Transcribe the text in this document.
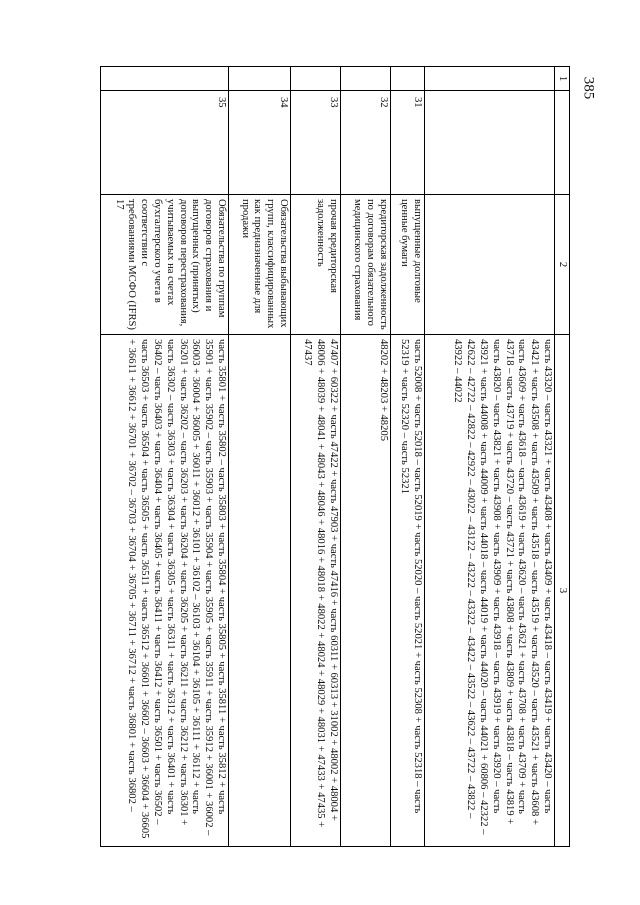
385
1		2	3
			часть 43320 – часть 43321 + часть 43408 + часть 43409 + часть 43418 – часть 43419 + часть 43420 – часть 43421 + часть 43508 + часть 43509 + часть 43518 – часть 43519 + часть 43520 – часть 43521 + часть 43608 + часть 43609 + часть 43618 – часть 43619 + часть 43620 – часть 43621 + часть 43708 + часть 43709 + часть 43718 – часть 43719 + часть 43720 – часть 43721 + часть 43808 + часть 43809 + часть 43818 – часть 43819 + часть 43820 – часть 43821 + часть 43908 + часть 43909 + часть 43918 – часть 43919 + часть 43920 – часть 43921 + часть 44008 + часть 44009 + часть 44018 – часть 44019 + часть 44020 – часть 44021 + 60806 – 42322 – 42622 – 42722 – 42822 – 42922 – 43022 – 43122 – 43222 – 43322 – 43422 – 43522 – 43622 – 43722 – 43822 – 43922 – 44022
	31	выпущенные долговые ценные бумаги	часть 52008 + часть 52018 – часть 52019 + часть 52020 – часть 52021 + часть 52308 + часть 52318 – часть 52319 + часть 52320 – часть 52321
	32	кредиторская задолженность по договорам обязательного медицинского страхования	48202 + 48203 + 48205
	33	прочая кредиторская задолженность	47407 + 60322 + часть 47422 + часть 47903 + часть 47416 + часть 60311 + 60313 + 31002 + 48002 + 48004 + 48006 + 48039 + 48041 + 48043 + 48046 + 48016 + 48018 + 48022 + 48024 + 48029 + 48031 + 47433 + 47435 + 47437
	34	Обязательства выбывающих групп, классифицированных как предназначенные для продажи	
	35	Обязательства по группам договоров страхования и выпущенных (принятых) договоров перестрахования, учитываемых на счетах бухгалтерского учета в соответствии с требованиями МСФО (IFRS) 17	часть 35801 + часть 35802 – часть 35803 + часть 35804 + часть 35805 + часть 35811 + часть 35812 + часть 35901 + часть 35902 – часть 35903 + часть 35904 + часть 35905 + часть 35911 + часть 35912 + 36001 + 36002 – 36003 + 36004 + 36005 + 36011 + 36012 + 36101 + 36102 – 36103 + 36104 + 36105 + 36111 + 36112 + часть 36201 + часть 36202 – часть 36203 + часть 36204 + часть 36205 + часть 36211 + часть 36212 + часть 36301 + часть 36302 – часть 36303 + часть 36304 + часть 36305 + часть 36311 + часть 36312 + часть 36401 + часть 36402 – часть 36403 + часть 36404 + часть 36405 + часть 36411 + часть 36412 + часть 36501 + часть 36502 – часть 36503 + часть 36504 + часть 36505 + часть 36511 + часть 36512 + 36601 + 36602 – 36603 + 36604 + 36605 + 36611 + 36612 + 36701 + 36702 – 36703 + 36704 + 36705 + 36711 + 36712 + часть 36801 + часть 36802 –
